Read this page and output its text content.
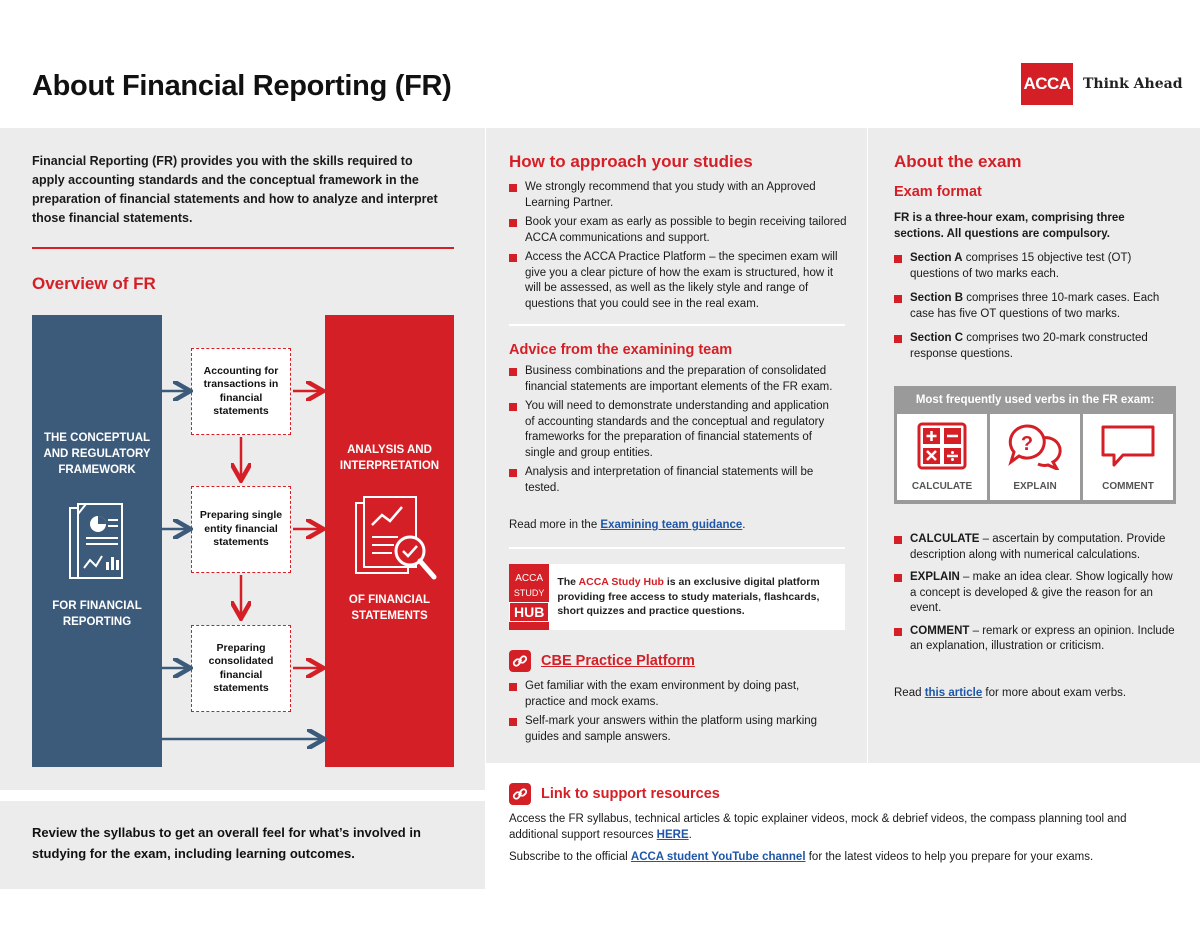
About Financial Reporting (FR)	ACCA Think Ahead
Financial Reporting (FR) provides you with the skills required to apply accounting standards and the conceptual framework in the preparation of financial statements and how to analyze and interpret those financial statements.
Overview of FR
THE CONCEPTUAL AND REGULATORY FRAMEWORK
FOR FINANCIAL REPORTING
ANALYSIS AND INTERPRETATION
OF FINANCIAL STATEMENTS
Accounting for transactions in financial statements
Preparing single entity financial statements
Preparing consolidated financial statements
Review the syllabus to get an overall feel for what’s involved in studying for the exam, including learning outcomes.
How to approach your studies
We strongly recommend that you study with an Approved Learning Partner.
Book your exam as early as possible to begin receiving tailored ACCA communications and support.
Access the ACCA Practice Platform – the specimen exam will give you a clear picture of how the exam is structured, how it will be assessed, as well as the likely style and range of questions that you could see in the real exam.
Advice from the examining team
Business combinations and the preparation of consolidated financial statements are important elements of the FR exam.
You will need to demonstrate understanding and application of accounting standards and the conceptual and regulatory frameworks for the preparation of financial statements of single and group entities.
Analysis and interpretation of financial statements will be tested.
Read more in the Examining team guidance.
ACCA
STUDY
HUB
The ACCA Study Hub is an exclusive digital platform providing free access to study materials, flashcards, short quizzes and practice questions.
CBE Practice Platform
Get familiar with the exam environment by doing past, practice and mock exams.
Self-mark your answers within the platform using marking guides and sample answers.
About the exam
Exam format
FR is a three-hour exam, comprising three sections. All questions are compulsory.
Section A comprises 15 objective test (OT) questions of two marks each.
Section B comprises three 10-mark cases. Each case has five OT questions of two marks.
Section C comprises two 20-mark constructed response questions.
Most frequently used verbs in the FR exam:
CALCULATE
?
EXPLAIN	COMMENT
CALCULATE – ascertain by computation. Provide description along with numerical calculations.
EXPLAIN – make an idea clear. Show logically how a concept is developed & give the reason for an event.
COMMENT – remark or express an opinion. Include an explanation, illustration or criticism.
Read this article for more about exam verbs.
Link to support resources
Access the FR syllabus, technical articles & topic explainer videos, mock & debrief videos, the compass planning tool and additional support resources HERE.
Subscribe to the official ACCA student YouTube channel for the latest videos to help you prepare for your exams.
